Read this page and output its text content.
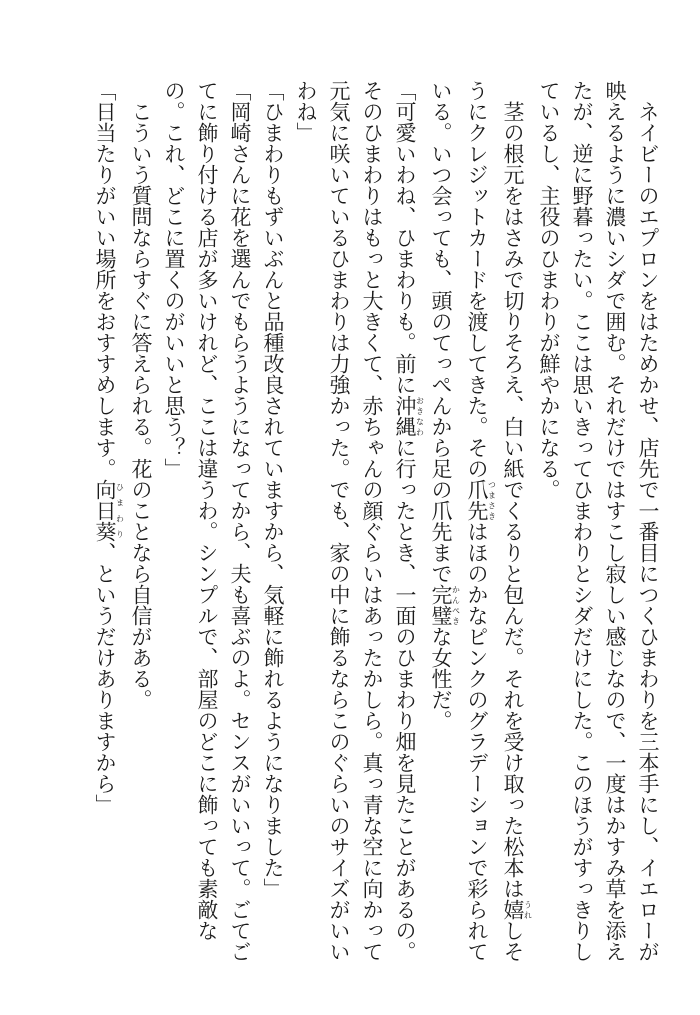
ネイビーのエプロンをはためかせ、店先で一番目につくひまわりを三本手にし、イエローが

映えるように濃いシダで囲む。それだけではすこし寂しい感じなので、一度はかすみ草を添え

たが、逆に野暮ったい。ここは思いきってひまわりとシダだけにした。このほうがすっきりし

ているし、主役のひまわりが鮮やかになる。

茎の根元をはさみで切りそろえ、白い紙でくるりと包んだ。それを受け取った松本は嬉うれしそ

うにクレジットカードを渡してきた。その爪先つまさきはほのかなピンクのグラデーションで彩られて

いる。いつ会っても、頭のてっぺんから足の爪先まで完璧かんぺきな女性だ。

「可愛いわね、ひまわりも。前に沖縄おきなわに行ったとき、一面のひまわり畑を見たことがあるの。

そのひまわりはもっと大きくて、赤ちゃんの顔ぐらいはあったかしら。真っ青な空に向かって

元気に咲いているひまわりは力強かった。でも、家の中に飾るならこのぐらいのサイズがいい

わね」

「ひまわりもずいぶんと品種改良されていますから、気軽に飾れるようになりました」

「岡崎さんに花を選んでもらうようになってから、夫も喜ぶのよ。センスがいいって。ごてご

てに飾り付ける店が多いけれど、ここは違うわ。シンプルで、部屋のどこに飾っても素敵な

の。これ、どこに置くのがいいと思う？」

こういう質問ならすぐに答えられる。花のことなら自信がある。

「日当たりがいい場所をおすすめします。向日葵ひまわり、というだけありますから」
